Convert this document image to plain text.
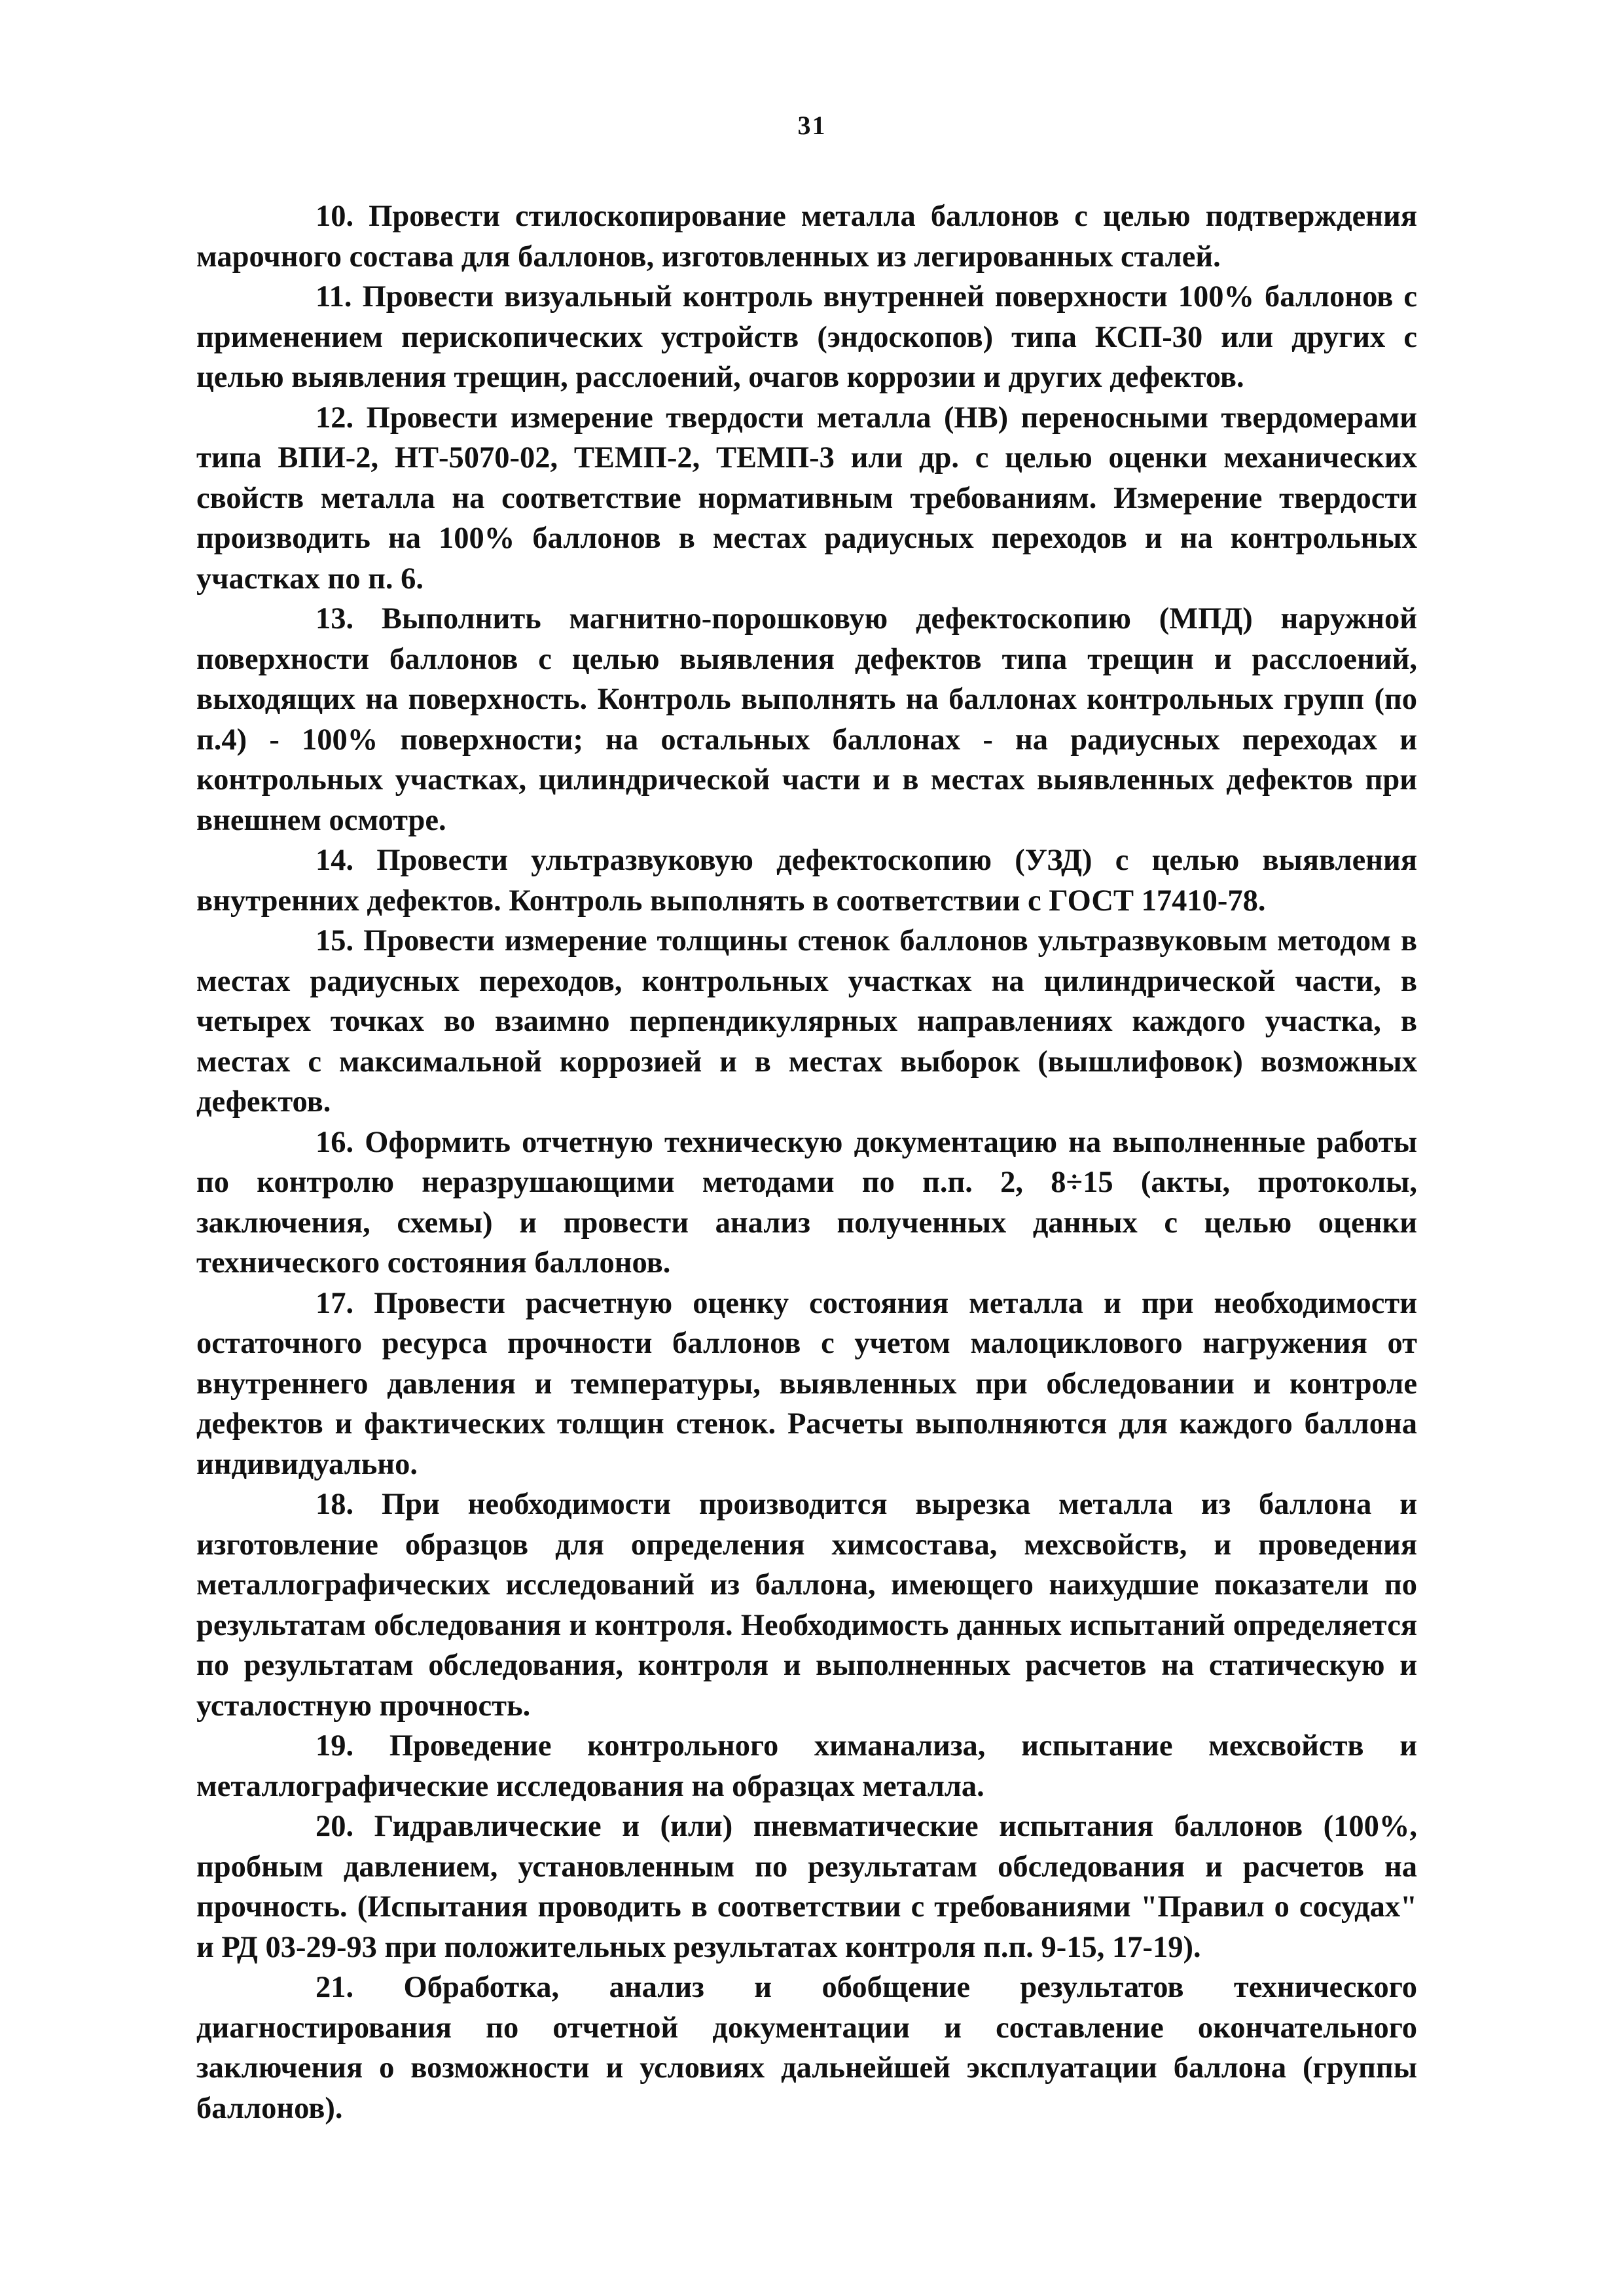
31

10. Провести стилоскопирование металла баллонов с целью подтверждения марочного состава для баллонов, изготовленных из легированных сталей.

11. Провести визуальный контроль внутренней поверхности 100% баллонов с применением перископических устройств (эндоскопов) типа КСП-30 или других с целью выявления трещин, расслоений, очагов коррозии и других дефектов.

12. Провести измерение твердости металла (НВ) переносными твердомерами типа ВПИ-2, НТ-5070-02, ТЕМП-2, ТЕМП-3 или др. с целью оценки механических свойств металла на соответствие нормативным требованиям. Измерение твердости производить на 100% баллонов в местах радиусных переходов и на контрольных участках по п. 6.

13. Выполнить магнитно-порошковую дефектоскопию (МПД) наружной поверхности баллонов с целью выявления дефектов типа трещин и расслоений, выходящих на поверхность. Контроль выполнять на баллонах контрольных групп (по п.4) - 100% поверхности; на остальных баллонах - на радиусных переходах и контрольных участках, цилиндрической части и в местах выявленных дефектов при внешнем осмотре.

14. Провести ультразвуковую дефектоскопию (УЗД) с целью выявления внутренних дефектов. Контроль выполнять в соответствии с ГОСТ 17410-78.

15. Провести измерение толщины стенок баллонов ультразвуковым методом в местах радиусных переходов, контрольных участках на цилиндрической части, в четырех точках во взаимно перпендикулярных направлениях каждого участка, в местах с максимальной коррозией и в местах выборок (вышлифовок) возможных дефектов.

16. Оформить отчетную техническую документацию на выполненные работы по контролю неразрушающими методами по п.п. 2, 8÷15 (акты, протоколы, заключения, схемы) и провести анализ полученных данных с целью оценки технического состояния баллонов.

17. Провести расчетную оценку состояния металла и при необходимости остаточного ресурса прочности баллонов с учетом малоциклового нагружения от внутреннего давления и температуры, выявленных при обследовании и контроле дефектов и фактических толщин стенок. Расчеты выполняются для каждого баллона индивидуально.

18. При необходимости производится вырезка металла из баллона и изготовление образцов для определения химсостава, мехсвойств, и проведения металлографических исследований из баллона, имеющего наихудшие показатели по результатам обследования и контроля. Необходимость данных испытаний определяется по результатам обследования, контроля и выполненных расчетов на статическую и усталостную прочность.

19. Проведение контрольного химанализа, испытание мехсвойств и металлографические исследования на образцах металла.

20. Гидравлические и (или) пневматические испытания баллонов (100%, пробным давлением, установленным по результатам обследования и расчетов на прочность. (Испытания проводить в соответствии с требованиями "Правил о сосудах" и РД 03-29-93 при положительных результатах контроля п.п. 9-15, 17-19).

21. Обработка, анализ и обобщение результатов технического диагностирования по отчетной документации и составление окончательного заключения о возможности и условиях дальнейшей эксплуатации баллона (группы баллонов).
